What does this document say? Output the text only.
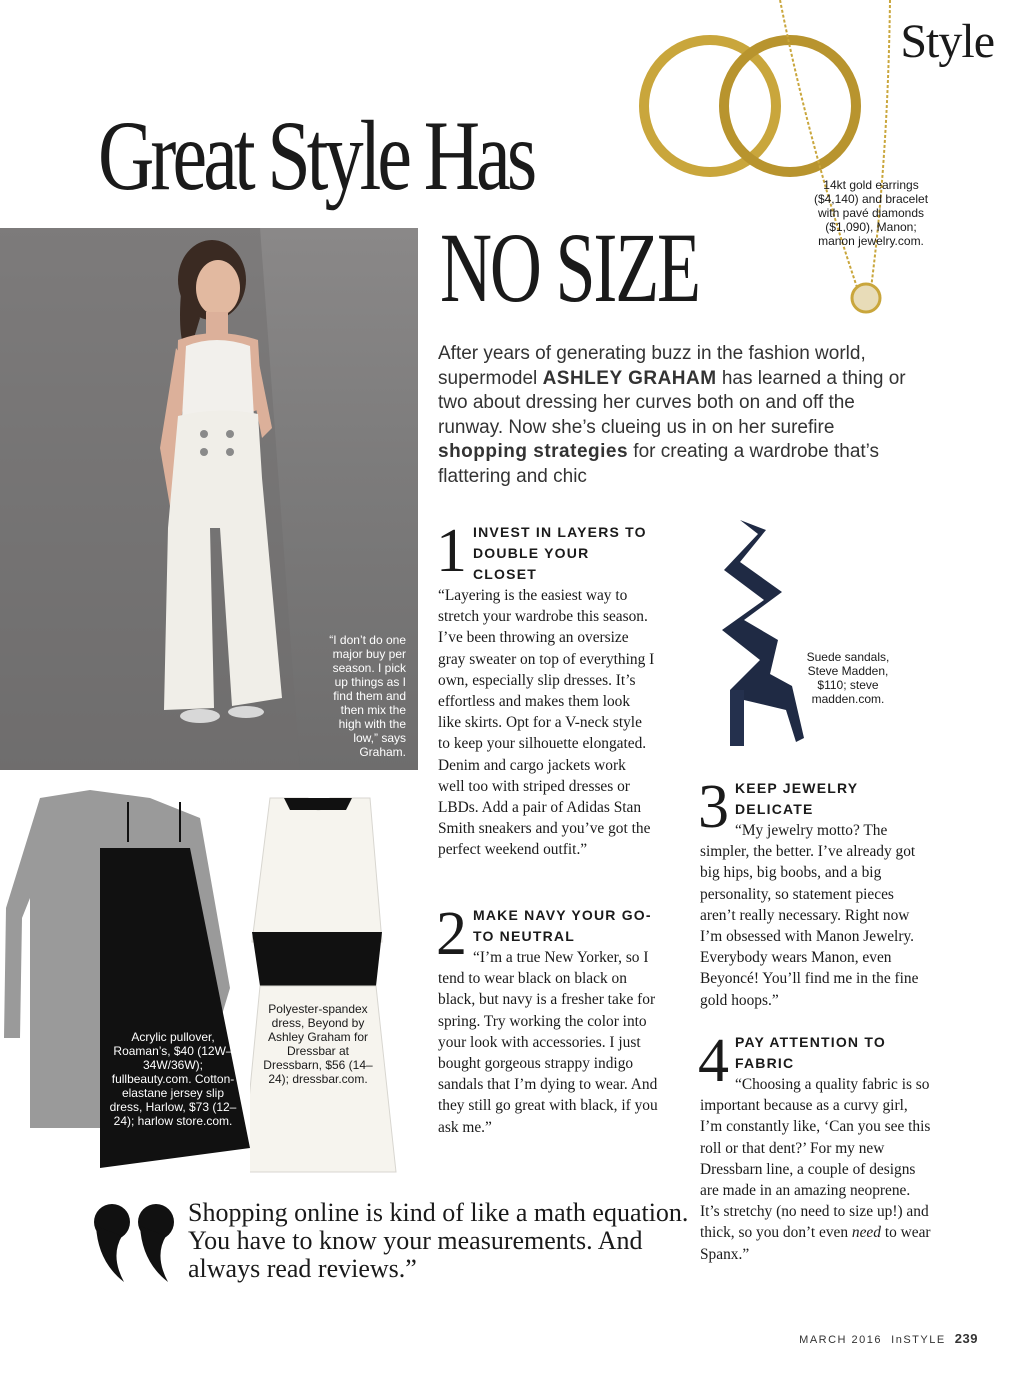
Style
Great Style Has
NO SIZE
“I don’t do one major buy per season. I pick up things as I find them and then mix the high with the low,” says Graham.
14kt gold earrings ($4,140) and bracelet with pavé diamonds ($1,090), Manon; manon jewelry.com.
After years of generating buzz in the fashion world, supermodel ASHLEY GRAHAM has learned a thing or two about dressing her curves both on and off the runway. Now she’s clueing us in on her surefire shopping strategies for creating a wardrobe that’s flattering and chic
1 INVEST IN LAYERS TO DOUBLE YOUR CLOSET
“Layering is the easiest way to stretch your wardrobe this season. I’ve been throwing an oversize gray sweater on top of everything I own, especially slip dresses. It’s effortless and makes them look like skirts. Opt for a V-neck style to keep your silhouette elongated. Denim and cargo jackets work well too with striped dresses or LBDs. Add a pair of Adidas Stan Smith sneakers and you’ve got the perfect weekend outfit.”
Suede sandals, Steve Madden, $110; steve madden.com.
Acrylic pullover, Roaman’s, $40 (12W–34W/36W); fullbeauty.com. Cotton-elastane jersey slip dress, Harlow, $73 (12–24); harlow store.com.
Polyester-spandex dress, Beyond by Ashley Graham for Dressbar at Dressbarn, $56 (14–24); dressbar.com.
2 MAKE NAVY YOUR GO-TO NEUTRAL
“I’m a true New Yorker, so I tend to wear black on black on black, but navy is a fresher take for spring. Try working the color into your look with accessories. I just bought gorgeous strappy indigo sandals that I’m dying to wear. And they still go great with black, if you ask me.”
3 KEEP JEWELRY DELICATE
“My jewelry motto? The simpler, the better. I’ve already got big hips, big boobs, and a big personality, so statement pieces aren’t really necessary. Right now I’m obsessed with Manon Jewelry. Everybody wears Manon, even Beyoncé! You’ll find me in the fine gold hoops.”
4 PAY ATTENTION TO FABRIC
“Choosing a quality fabric is so important because as a curvy girl, I’m constantly like, ‘Can you see this roll or that dent?’ For my new Dressbarn line, a couple of designs are made in an amazing neoprene. It’s stretchy (no need to size up!) and thick, so you don’t even need to wear Spanx.”
Shopping online is kind of like a math equation. You have to know your measurements. And always read reviews.”
MARCH 2016 InSTYLE 239
